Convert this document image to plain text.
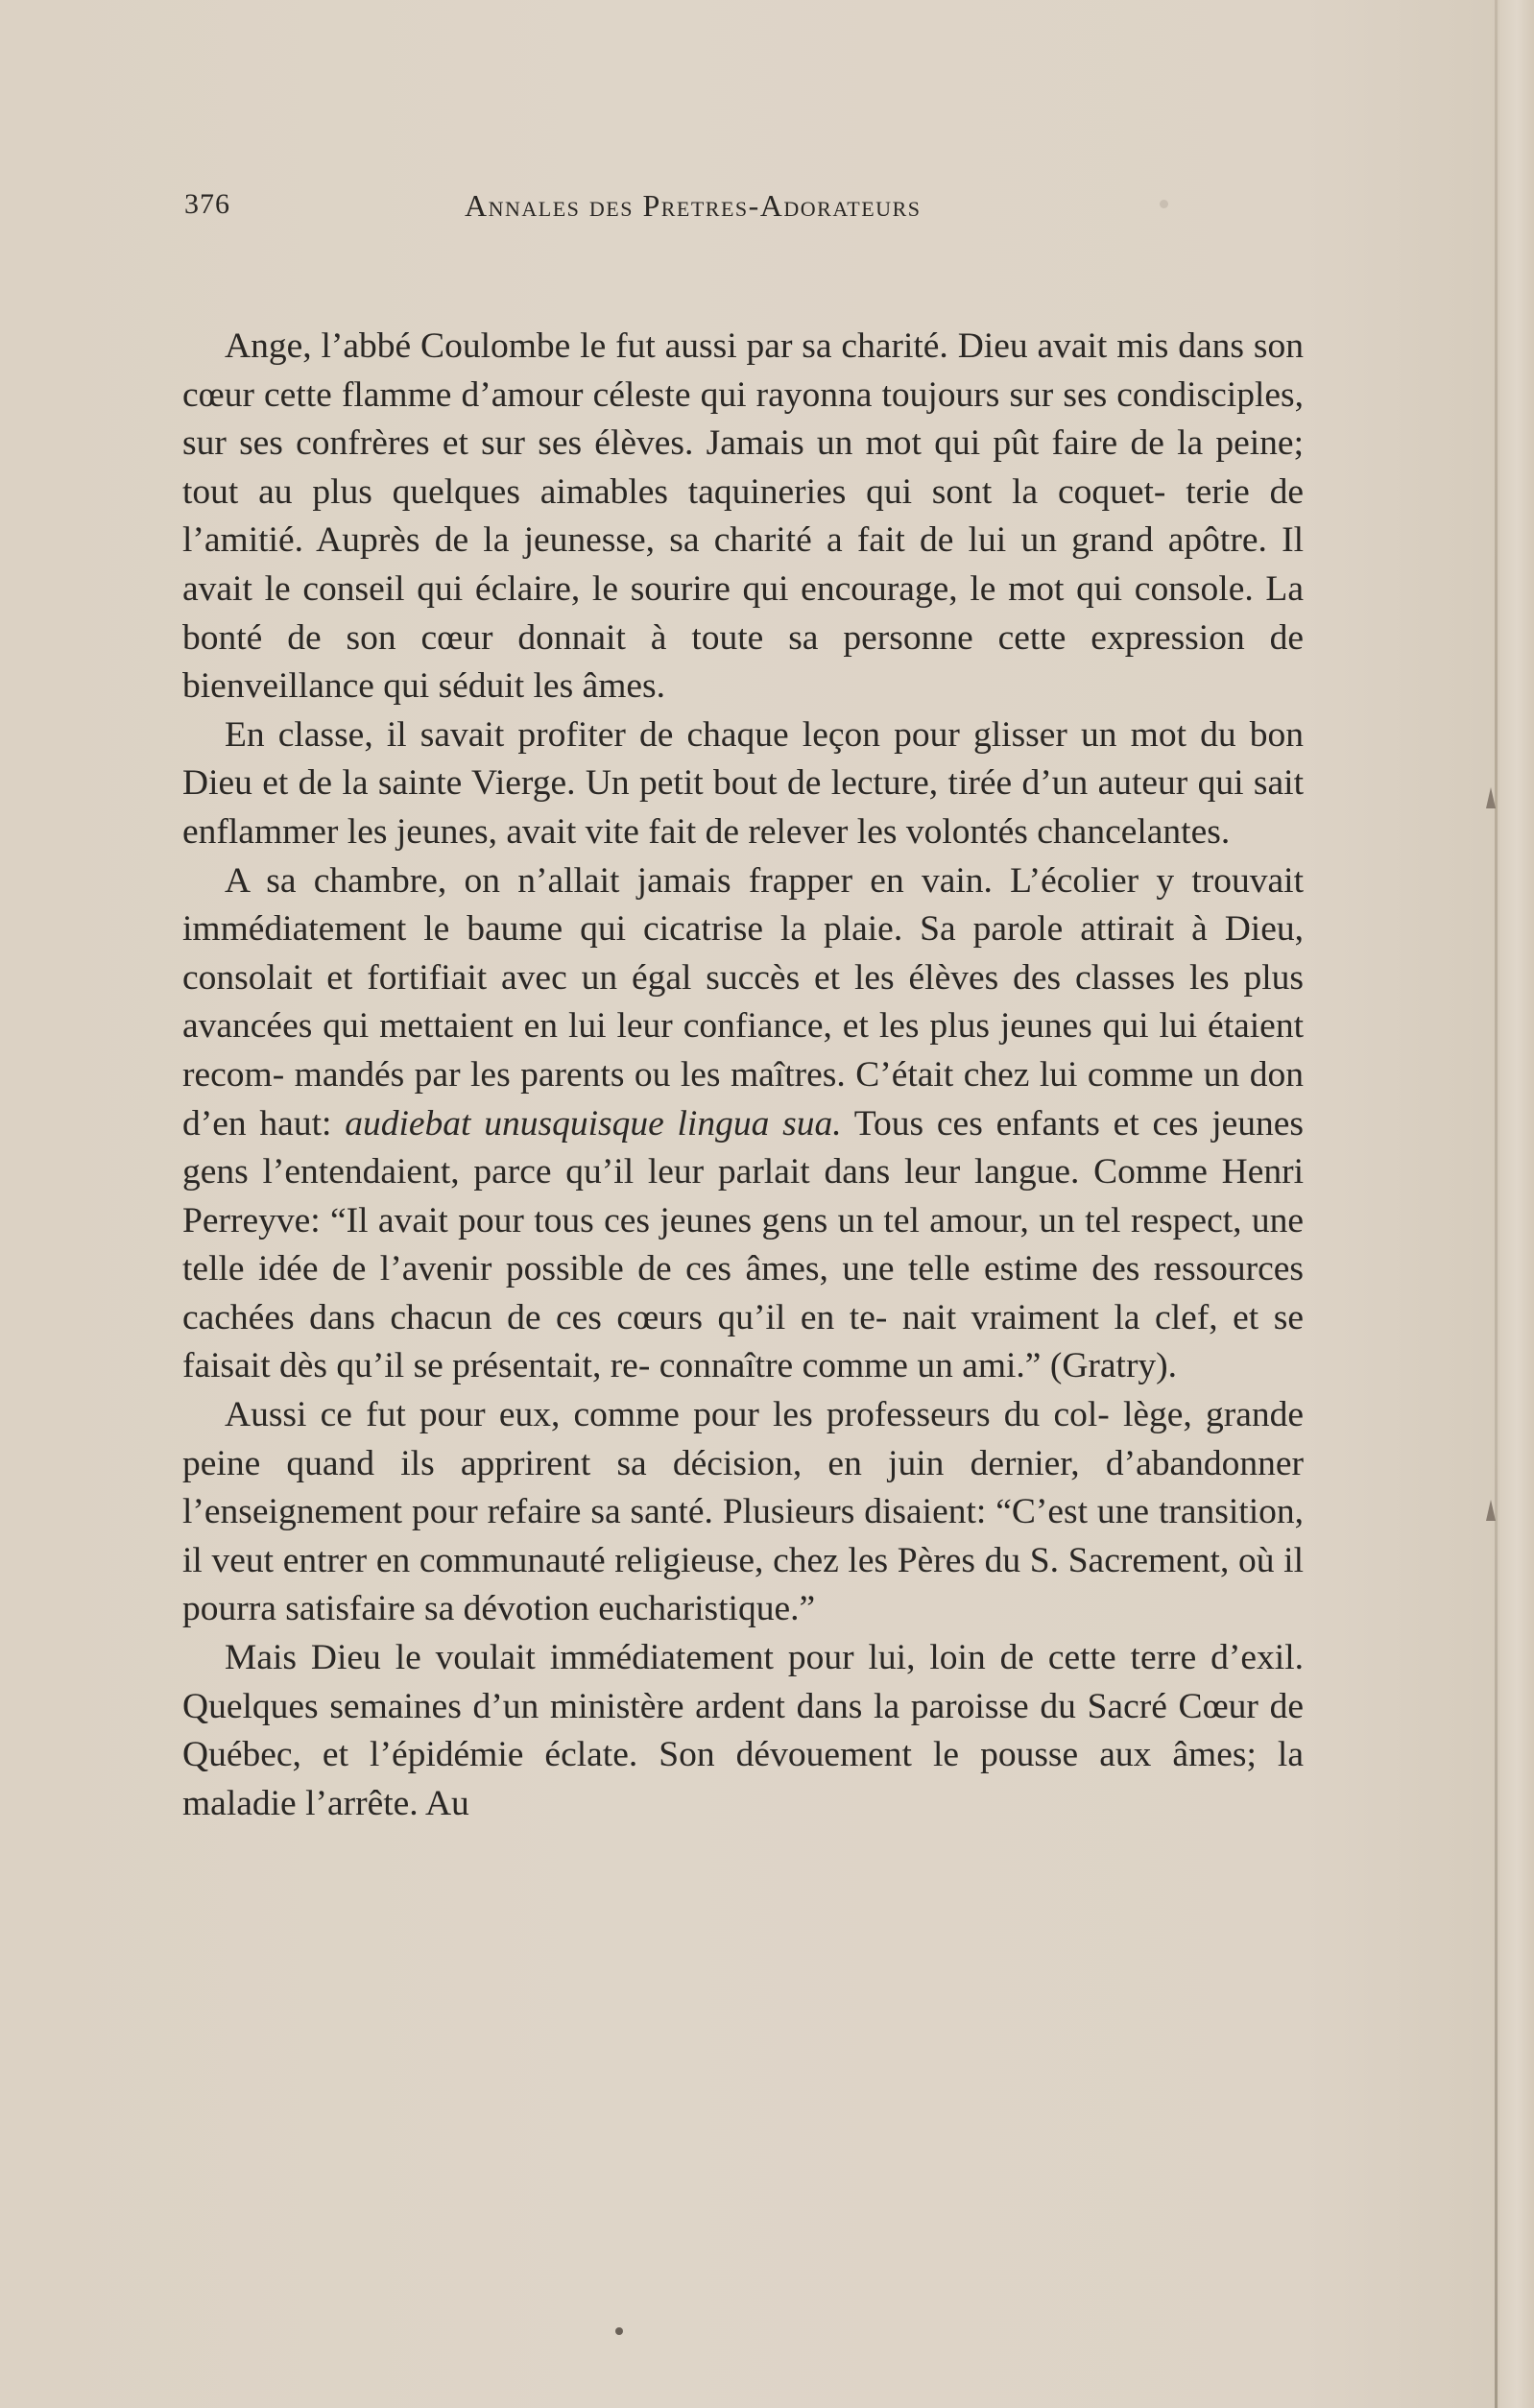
376	Annales des Pretres-Adorateurs

Ange, l’abbé Coulombe le fut aussi par sa charité. Dieu avait mis dans son cœur cette flamme d’amour céleste qui rayonna toujours sur ses condisciples, sur ses confrères et sur ses élèves. Jamais un mot qui pût faire de la peine; tout au plus quelques aimables taquineries qui sont la coquet- terie de l’amitié. Auprès de la jeunesse, sa charité a fait de lui un grand apôtre. Il avait le conseil qui éclaire, le sourire qui encourage, le mot qui console. La bonté de son cœur donnait à toute sa personne cette expression de bienveillance qui séduit les âmes.

En classe, il savait profiter de chaque leçon pour glisser un mot du bon Dieu et de la sainte Vierge. Un petit bout de lecture, tirée d’un auteur qui sait enflammer les jeunes, avait vite fait de relever les volontés chancelantes.

A sa chambre, on n’allait jamais frapper en vain. L’écolier y trouvait immédiatement le baume qui cicatrise la plaie. Sa parole attirait à Dieu, consolait et fortifiait avec un égal succès et les élèves des classes les plus avancées qui mettaient en lui leur confiance, et les plus jeunes qui lui étaient recom- mandés par les parents ou les maîtres. C’était chez lui comme un don d’en haut: audiebat unusquisque lingua sua. Tous ces enfants et ces jeunes gens l’entendaient, parce qu’il leur parlait dans leur langue. Comme Henri Perreyve: “Il avait pour tous ces jeunes gens un tel amour, un tel respect, une telle idée de l’avenir possible de ces âmes, une telle estime des ressources cachées dans chacun de ces cœurs qu’il en te- nait vraiment la clef, et se faisait dès qu’il se présentait, re- connaître comme un ami.” (Gratry).

Aussi ce fut pour eux, comme pour les professeurs du col- lège, grande peine quand ils apprirent sa décision, en juin dernier, d’abandonner l’enseignement pour refaire sa santé. Plusieurs disaient: “C’est une transition, il veut entrer en communauté religieuse, chez les Pères du S. Sacrement, où il pourra satisfaire sa dévotion eucharistique.”

Mais Dieu le voulait immédiatement pour lui, loin de cette terre d’exil. Quelques semaines d’un ministère ardent dans la paroisse du Sacré Cœur de Québec, et l’épidémie éclate. Son dévouement le pousse aux âmes; la maladie l’arrête. Au
